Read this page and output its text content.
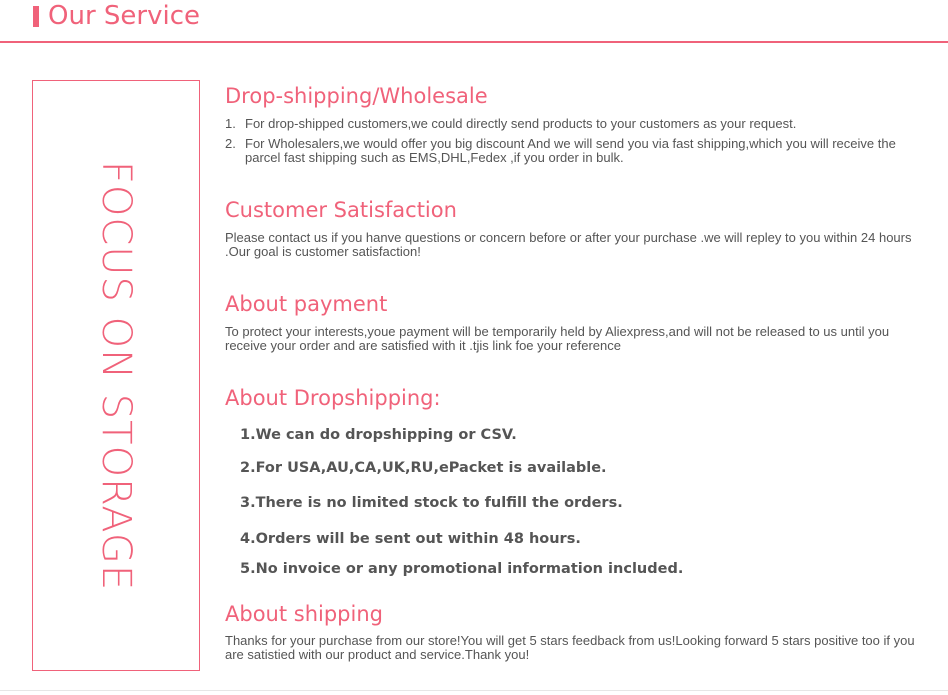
Our Service
FOCUS ON STORAGE
Drop-shipping/Wholesale
1. For drop-shipped customers,we could directly send products to your customers as your request.
2. For Wholesalers,we would offer you big discount And we will send you via fast shipping,which you will receive the parcel fast shipping such as EMS,DHL,Fedex ,if you order in bulk.
Customer Satisfaction
Please contact us if you hanve questions or concern before or after your purchase .we will repley to you within 24 hours .Our goal is customer satisfaction!
About payment
To protect your interests,youe payment will be temporarily held by Aliexpress,and will not be released to us until you receive your order and are satisfied with it .tjis link foe your reference
About Dropshipping:
1.We can do dropshipping or CSV.
2.For USA,AU,CA,UK,RU,ePacket is available.
3.There is no limited stock to fulfill the orders.
4.Orders will be sent out within 48 hours.
5.No invoice or any promotional information included.
About shipping
Thanks for your purchase from our store!You will get 5 stars feedback from us!Looking forward 5 stars positive too if you are satistied with our product and service.Thank you!
